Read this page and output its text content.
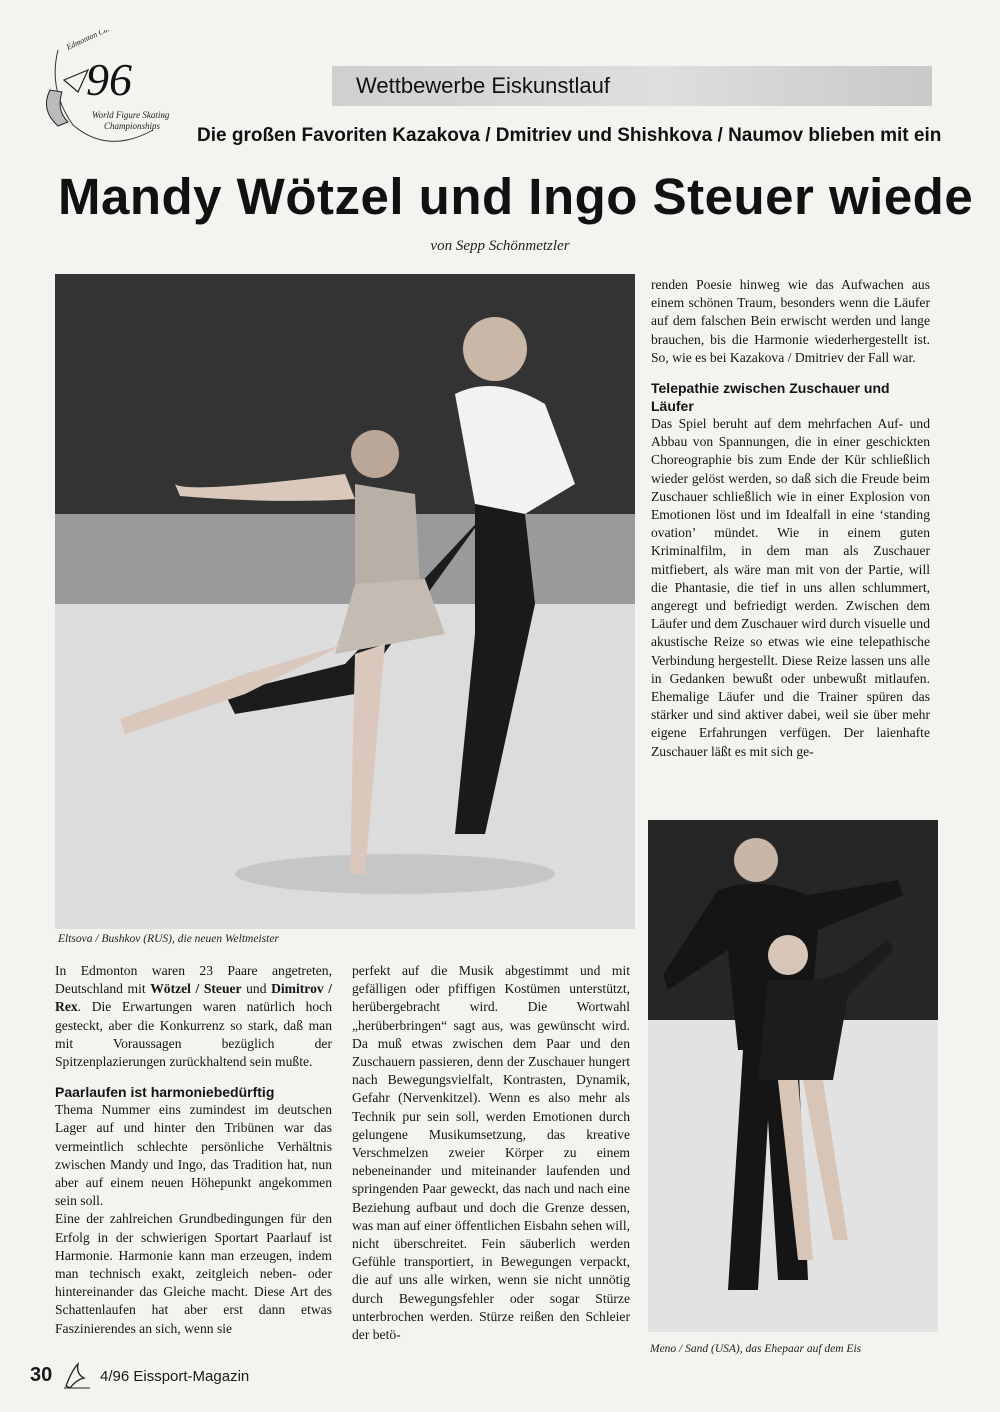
Edmonton Canada
96
World Figure Skating
Championships
Wettbewerbe Eiskunstlauf
Die großen Favoriten Kazakova / Dmitriev und Shishkova / Naumov blieben mit ein
Mandy Wötzel und Ingo Steuer wiede
von Sepp Schönmetzler
Eltsova / Bushkov (RUS), die neuen Weltmeister

In Edmonton waren 23 Paare angetreten, Deutschland mit Wötzel / Steuer und Dimitrov / Rex. Die Erwartungen waren natürlich hoch gesteckt, aber die Konkurrenz so stark, daß man mit Voraussagen bezüglich der Spitzenplazierungen zurückhaltend sein mußte.

Paarlaufen ist harmoniebedürftig

Thema Nummer eins zumindest im deutschen Lager auf und hinter den Tribünen war das vermeintlich schlechte persönliche Verhältnis zwischen Mandy und Ingo, das Tradition hat, nun aber auf einem neuen Höhepunkt angekommen sein soll.

Eine der zahlreichen Grundbedingungen für den Erfolg in der schwierigen Sportart Paarlauf ist Harmonie. Harmonie kann man erzeugen, indem man technisch exakt, zeitgleich neben- oder hintereinander das Gleiche macht. Diese Art des Schattenlaufen hat aber erst dann etwas Faszinierendes an sich, wenn sie

perfekt auf die Musik abgestimmt und mit gefälligen oder pfiffigen Kostümen unterstützt, herübergebracht wird. Die Wortwahl „herüberbringen“ sagt aus, was gewünscht wird. Da muß etwas zwischen dem Paar und den Zuschauern passieren, denn der Zuschauer hungert nach Bewegungsvielfalt, Kontrasten, Dynamik, Gefahr (Nervenkitzel). Wenn es also mehr als Technik pur sein soll, werden Emotionen durch gelungene Musikumsetzung, das kreative Verschmelzen zweier Körper zu einem nebeneinander und miteinander laufenden und springenden Paar geweckt, das nach und nach eine Beziehung aufbaut und doch die Grenze dessen, was man auf einer öffentlichen Eisbahn sehen will, nicht überschreitet. Fein säuberlich werden Gefühle transportiert, in Bewegungen verpackt, die auf uns alle wirken, wenn sie nicht unnötig durch Bewegungsfehler oder sogar Stürze unterbrochen werden. Stürze reißen den Schleier der betö-

renden Poesie hinweg wie das Aufwachen aus einem schönen Traum, besonders wenn die Läufer auf dem falschen Bein erwischt werden und lange brauchen, bis die Harmonie wiederhergestellt ist. So, wie es bei Kazakova / Dmitriev der Fall war.

Telepathie zwischen Zuschauer und Läufer

Das Spiel beruht auf dem mehrfachen Auf- und Abbau von Spannungen, die in einer geschickten Choreographie bis zum Ende der Kür schließlich wieder gelöst werden, so daß sich die Freude beim Zuschauer schließlich wie in einer Explosion von Emotionen löst und im Idealfall in eine ‘standing ovation’ mündet. Wie in einem guten Kriminalfilm, in dem man als Zuschauer mitfiebert, als wäre man mit von der Partie, will die Phantasie, die tief in uns allen schlummert, angeregt und befriedigt werden. Zwischen dem Läufer und dem Zuschauer wird durch visuelle und akustische Reize so etwas wie eine telepathische Verbindung hergestellt. Diese Reize lassen uns alle in Gedanken bewußt oder unbewußt mitlaufen. Ehemalige Läufer und die Trainer spüren das stärker und sind aktiver dabei, weil sie über mehr eigene Erfahrungen verfügen. Der laienhafte Zuschauer läßt es mit sich ge-

Meno / Sand (USA), das Ehepaar auf dem Eis
30	4/96 Eissport-Magazin
